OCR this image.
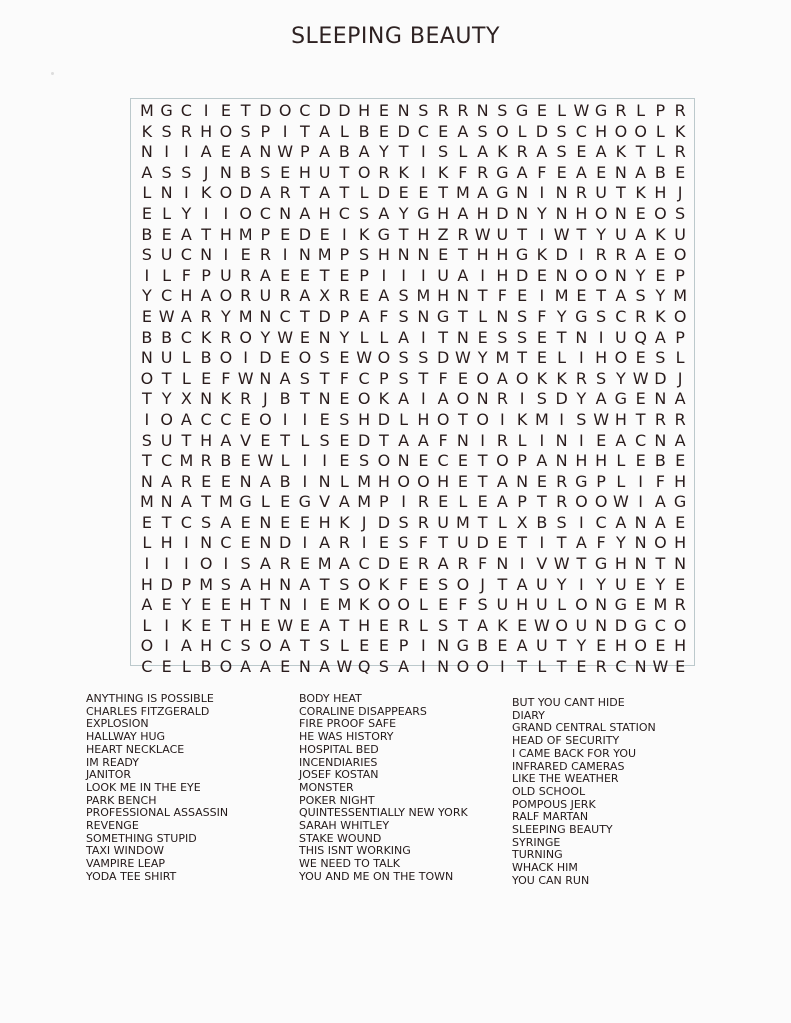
SLEEPING BEAUTY
M G C I E T D O C D D H E N S R R N S G E L W G R L P R
K S R H O S P I T A L B E D C E A S O L D S C H O O L K
N I I A E A N W P A B A Y T I S L A K R A S E A K T L R
A S S J N B S E H U T O R K I K F R G A F E A E N A B E
L N I K O D A R T A T L D E E T M A G N I N R U T K H J
E L Y I I O C N A H C S A Y G H A H D N Y N H O N E O S
B E A T H M P E D E I K G T H Z R W U T I W T Y U A K U
S U C N I E R I N M P S H N N E T H H G K D I R R A E O
I L F P U R A E E T E P I I I U A I H D E N O O N Y E P
Y C H A O R U R A X R E A S M H N T F E I M E T A S Y M
E W A R Y M N C T D P A F S N G T L N S F Y G S C R K O
B B C K R O Y W E N Y L L A I T N E S S E T N I U Q A P
N U L B O I D E O S E W O S S D W Y M T E L I H O E S L
O T L E F W N A S T F C P S T F E O A O K K R S Y W D J
T Y X N K R J B T N E O K A I A O N R I S D Y A G E N A
I O A C C E O I I E S H D L H O T O I K M I S W H T R R
S U T H A V E T L S E D T A A F N I R L I N I E A C N A
T C M R B E W L I I E S O N E C E T O P A N H H L E B E
N A R E E N A B I N L M H O O H E T A N E R G P L I F H
M N A T M G L E G V A M P I R E L E A P T R O O W I A G
E T C S A E N E E H K J D S R U M T L X B S I C A N A E
L H I N C E N D I A R I E S F T U D E T I T A F Y N O H
I I I O I S A R E M A C D E R A R F N I V W T G H N T N
H D P M S A H N A T S O K F E S O J T A U Y I Y U E Y E
A E Y E E H T N I E M K O O L E F S U H U L O N G E M R
L I K E T H E W E A T H E R L S T A K E W O U N D G C O
O I A H C S O A T S L E E P I N G B E A U T Y E H O E H
C E L B O A A E N A W Q S A I N O O I T L T E R C N W E
ANYTHING IS POSSIBLE
CHARLES FITZGERALD
EXPLOSION
HALLWAY HUG
HEART NECKLACE
IM READY
JANITOR
LOOK ME IN THE EYE
PARK BENCH
PROFESSIONAL ASSASSIN
REVENGE
SOMETHING STUPID
TAXI WINDOW
VAMPIRE LEAP
YODA TEE SHIRT
BODY HEAT
CORALINE DISAPPEARS
FIRE PROOF SAFE
HE WAS HISTORY
HOSPITAL BED
INCENDIARIES
JOSEF KOSTAN
MONSTER
POKER NIGHT
QUINTESSENTIALLY NEW YORK
SARAH WHITLEY
STAKE WOUND
THIS ISNT WORKING
WE NEED TO TALK
YOU AND ME ON THE TOWN
BUT YOU CANT HIDE
DIARY
GRAND CENTRAL STATION
HEAD OF SECURITY
I CAME BACK FOR YOU
INFRARED CAMERAS
LIKE THE WEATHER
OLD SCHOOL
POMPOUS JERK
RALF MARTAN
SLEEPING BEAUTY
SYRINGE
TURNING
WHACK HIM
YOU CAN RUN
